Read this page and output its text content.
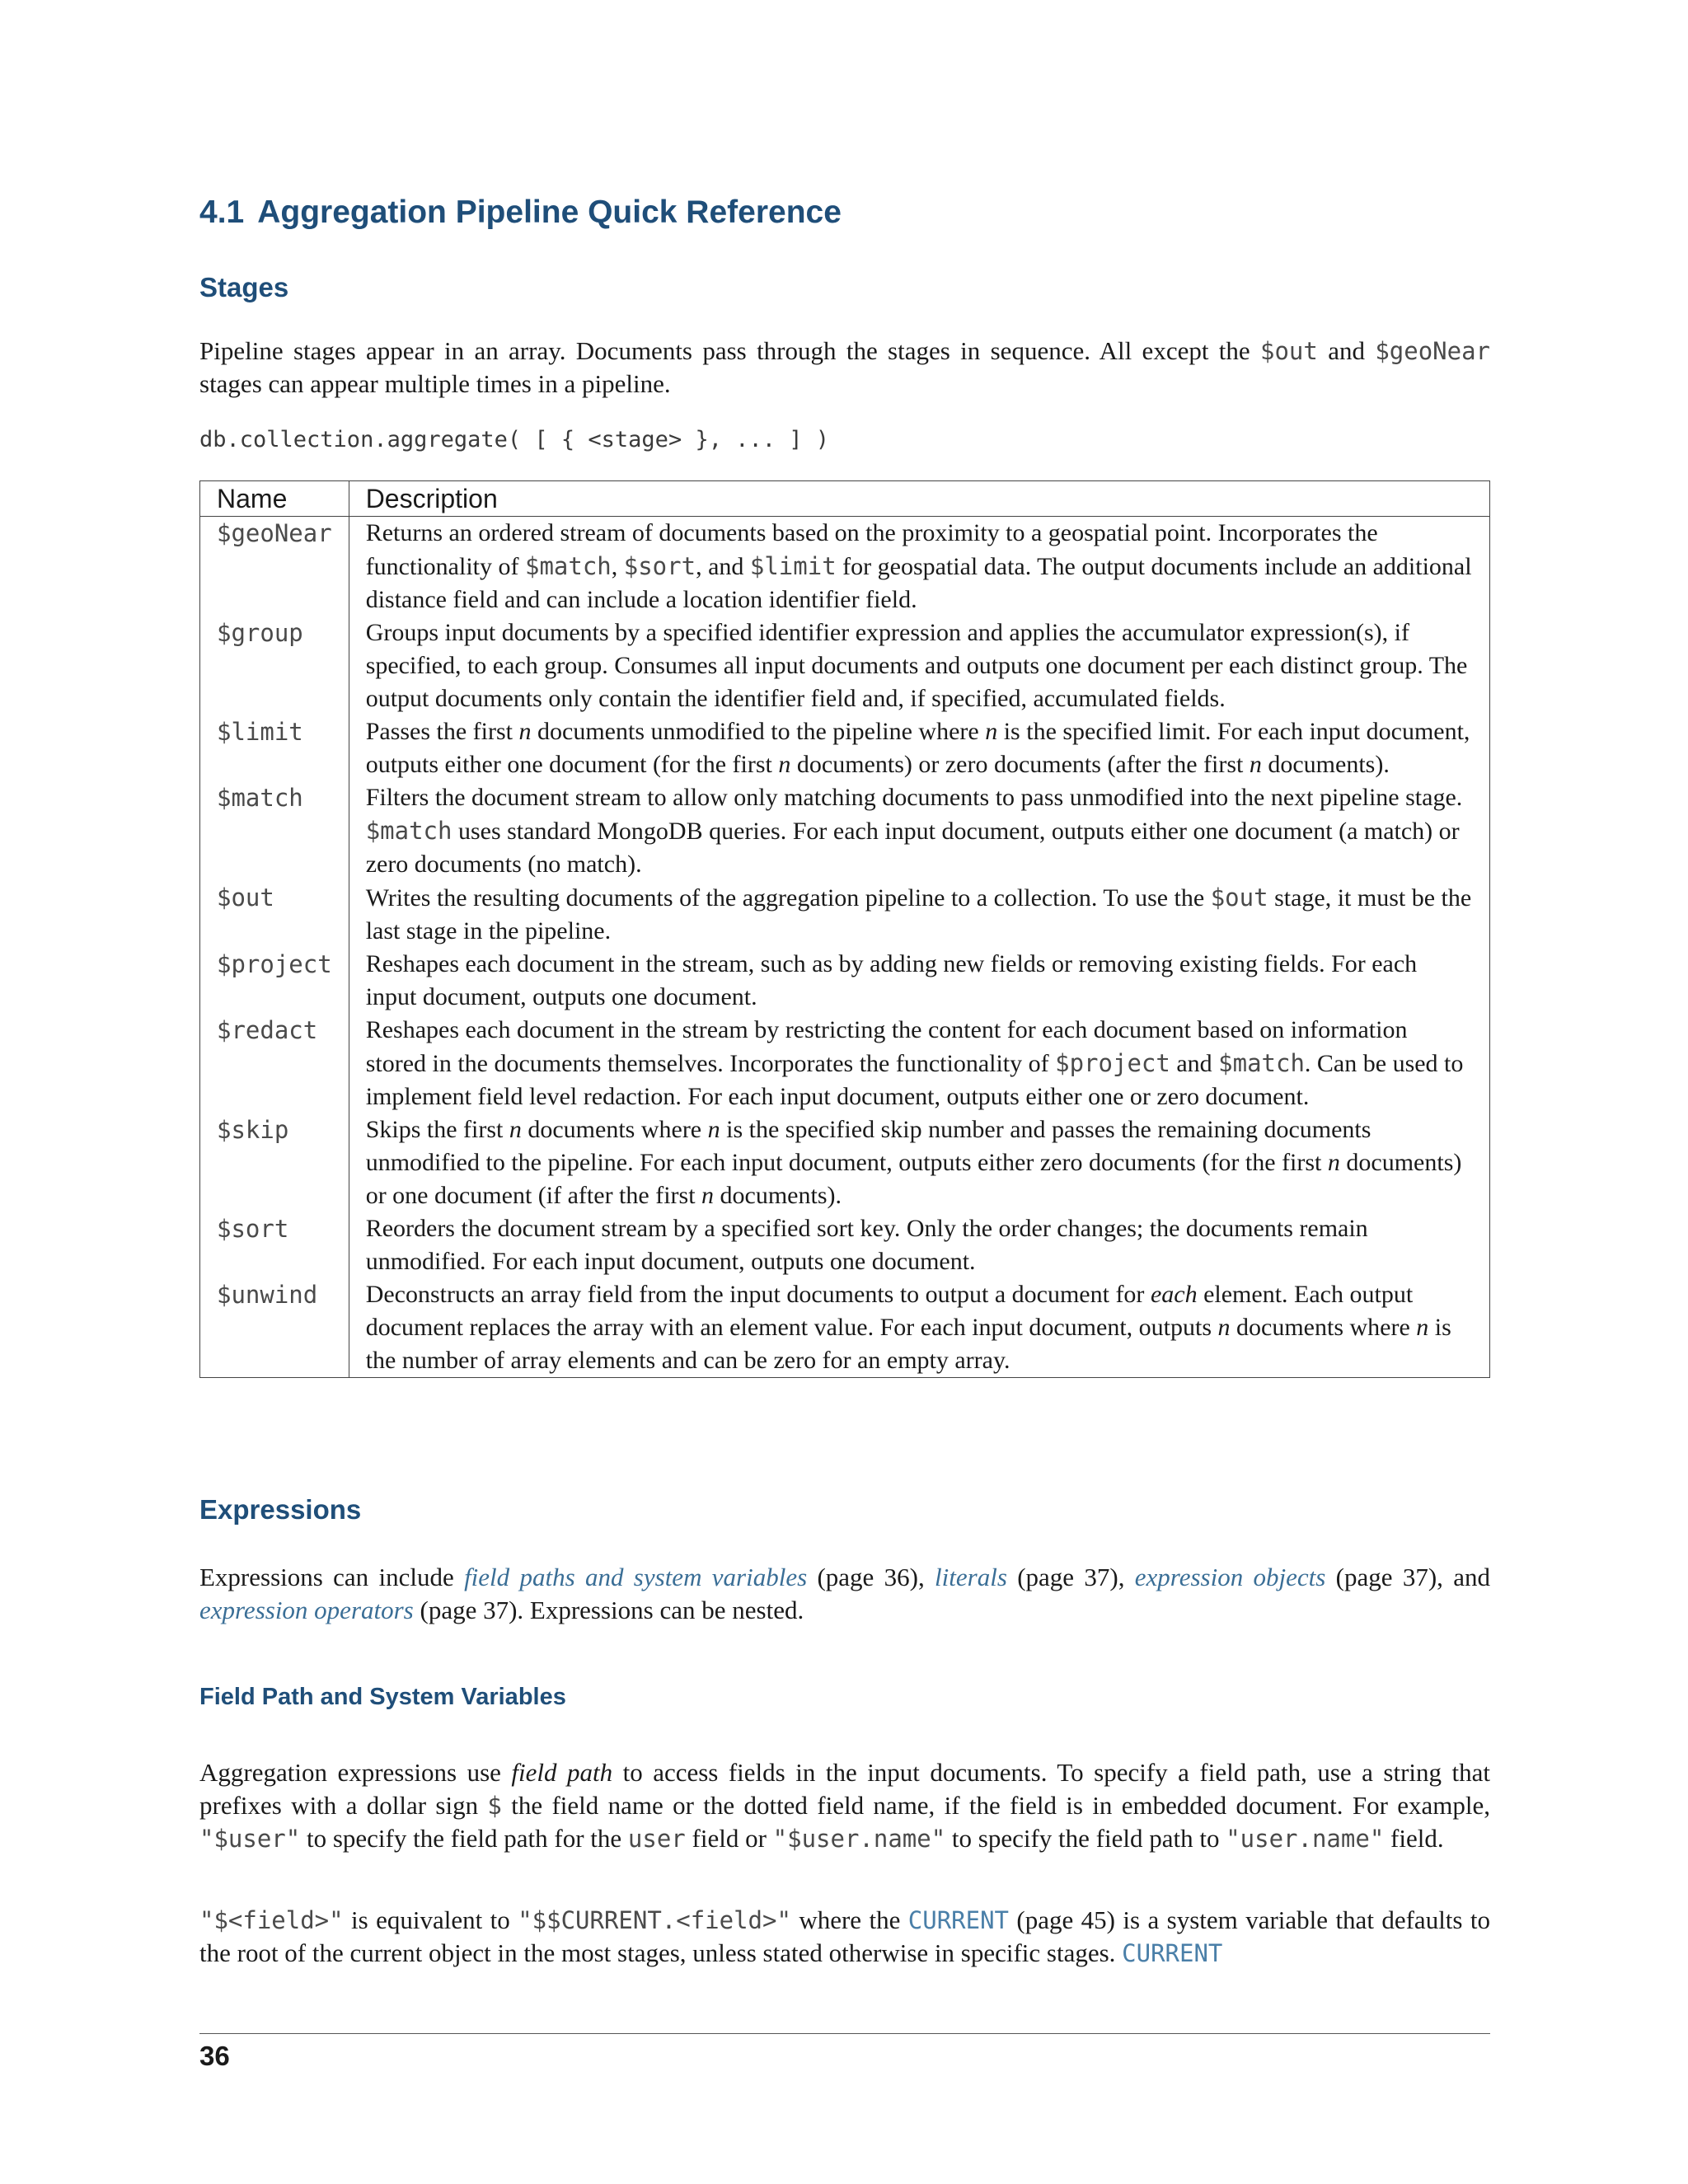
4.1 Aggregation Pipeline Quick Reference
Stages
Pipeline stages appear in an array. Documents pass through the stages in sequence. All except the $out and $geoNear stages can appear multiple times in a pipeline.
db.collection.aggregate( [ { <stage> }, ... ] )
Name	Description
$geoNear	Returns an ordered stream of documents based on the proximity to a geospatial point. Incorporates the functionality of $match, $sort, and $limit for geospatial data. The output documents include an additional distance field and can include a location identifier field.
$group	Groups input documents by a specified identifier expression and applies the accumulator expression(s), if specified, to each group. Consumes all input documents and outputs one document per each distinct group. The output documents only contain the identifier field and, if specified, accumulated fields.
$limit	Passes the first n documents unmodified to the pipeline where n is the specified limit. For each input document, outputs either one document (for the first n documents) or zero documents (after the first n documents).
$match	Filters the document stream to allow only matching documents to pass unmodified into the next pipeline stage. $match uses standard MongoDB queries. For each input document, outputs either one document (a match) or zero documents (no match).
$out	Writes the resulting documents of the aggregation pipeline to a collection. To use the $out stage, it must be the last stage in the pipeline.
$project	Reshapes each document in the stream, such as by adding new fields or removing existing fields. For each input document, outputs one document.
$redact	Reshapes each document in the stream by restricting the content for each document based on information stored in the documents themselves. Incorporates the functionality of $project and $match. Can be used to implement field level redaction. For each input document, outputs either one or zero document.
$skip	Skips the first n documents where n is the specified skip number and passes the remaining documents unmodified to the pipeline. For each input document, outputs either zero documents (for the first n documents) or one document (if after the first n documents).
$sort	Reorders the document stream by a specified sort key. Only the order changes; the documents remain unmodified. For each input document, outputs one document.
$unwind	Deconstructs an array field from the input documents to output a document for each element. Each output document replaces the array with an element value. For each input document, outputs n documents where n is the number of array elements and can be zero for an empty array.
Expressions
Expressions can include field paths and system variables (page 36), literals (page 37), expression objects (page 37), and expression operators (page 37). Expressions can be nested.
Field Path and System Variables
Aggregation expressions use field path to access fields in the input documents. To specify a field path, use a string that prefixes with a dollar sign $ the field name or the dotted field name, if the field is in embedded document. For example, "$user" to specify the field path for the user field or "$user.name" to specify the field path to "user.name" field.
"$<field>" is equivalent to "$$CURRENT.<field>" where the CURRENT (page 45) is a system variable that defaults to the root of the current object in the most stages, unless stated otherwise in specific stages. CURRENT
36
